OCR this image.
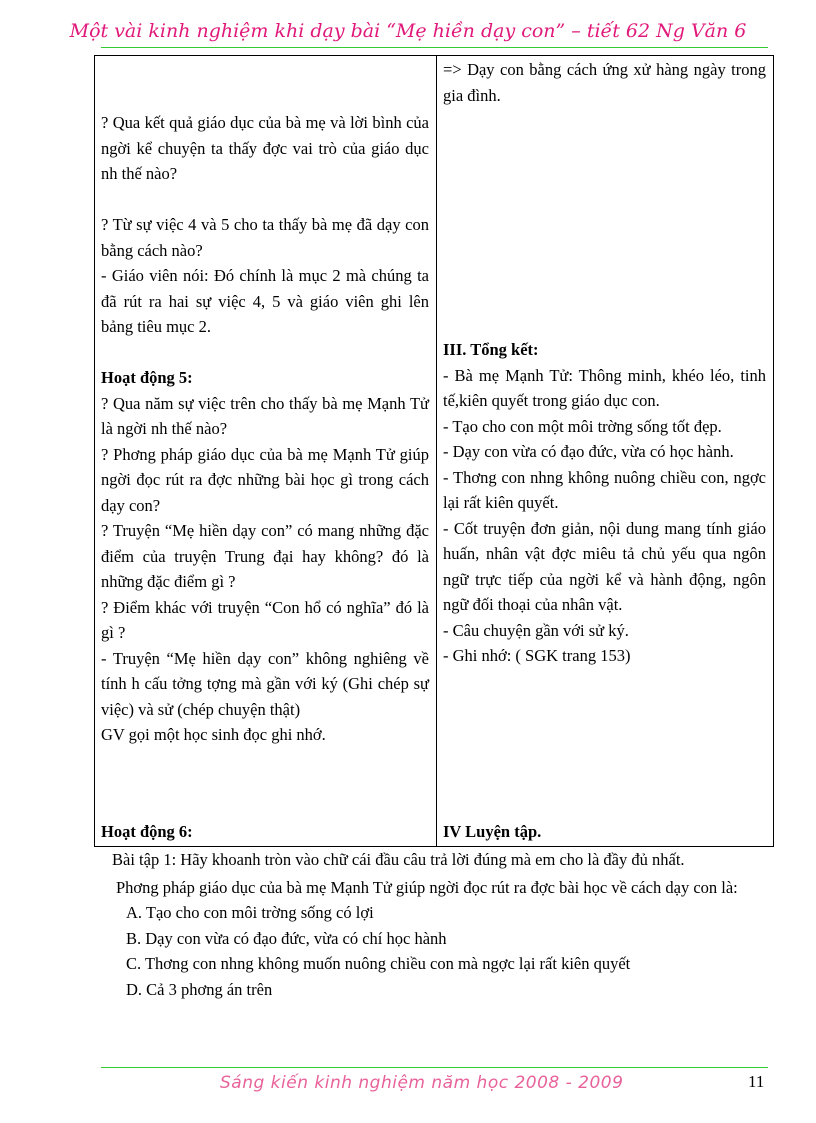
Một vài kinh nghiệm khi dạy bài “Mẹ hiền dạy con” – tiết 62 Ng Văn 6

? Qua kết quả giáo dục của bà mẹ và lời bình của ngời kể chuyện ta thấy đợc vai trò của giáo dục nh thế nào?

? Từ sự việc 4 và 5 cho ta thấy bà mẹ đã dạy con bằng cách nào?

- Giáo viên nói: Đó chính là mục 2 mà chúng ta đã rút ra hai sự việc 4, 5 và giáo viên ghi lên bảng tiêu mục 2.

Hoạt động 5:

? Qua năm sự việc trên cho thấy bà mẹ Mạnh Tử là ngời nh thế nào?

? Phơng pháp giáo dục của bà mẹ Mạnh Tử giúp ngời đọc rút ra đợc những bài học gì trong cách dạy con?

? Truyện “Mẹ hiền dạy con” có mang những đặc điểm của truyện Trung đại hay không? đó là những đặc điểm gì ?

? Điểm khác với truyện “Con hổ có nghĩa” đó là gì ?

- Truyện “Mẹ hiền dạy con” không nghiêng về tính h cấu tởng tợng mà gần với ký (Ghi chép sự việc) và sử (chép chuyện thật)

GV gọi một học sinh đọc ghi nhớ.

Hoạt động 6:
=> Dạy con bằng cách ứng xử hàng ngày trong gia đình.

III. Tổng kết:

- Bà mẹ Mạnh Tử: Thông minh, khéo léo, tinh tế,kiên quyết trong giáo dục con.

- Tạo cho con một môi trờng sống tốt đẹp.

- Dạy con vừa có đạo đức, vừa có học hành.

- Thơng con nhng không nuông chiều con, ngợc lại rất kiên quyết.

- Cốt truyện đơn giản, nội dung mang tính giáo huấn, nhân vật đợc miêu tả chủ yếu qua ngôn ngữ trực tiếp của ngời kể và hành động, ngôn ngữ đối thoại của nhân vật.

- Câu chuyện gần với sử ký.

- Ghi nhớ: ( SGK trang 153)

IV Luyện tập.

Bài tập 1: Hãy khoanh tròn vào chữ cái đầu câu trả lời đúng mà em cho là đầy đủ nhất.

Phơng pháp giáo dục của bà mẹ Mạnh Tử giúp ngời đọc rút ra đợc bài học về cách dạy con là:

A. Tạo cho con môi trờng sống có lợi

B. Dạy con vừa có đạo đức, vừa có chí học hành

C. Thơng con nhng không muốn nuông chiều con mà ngợc lại rất kiên quyết

D. Cả 3 phơng án trên

Sáng kiến kinh nghiệm năm học 2008 - 2009	11
